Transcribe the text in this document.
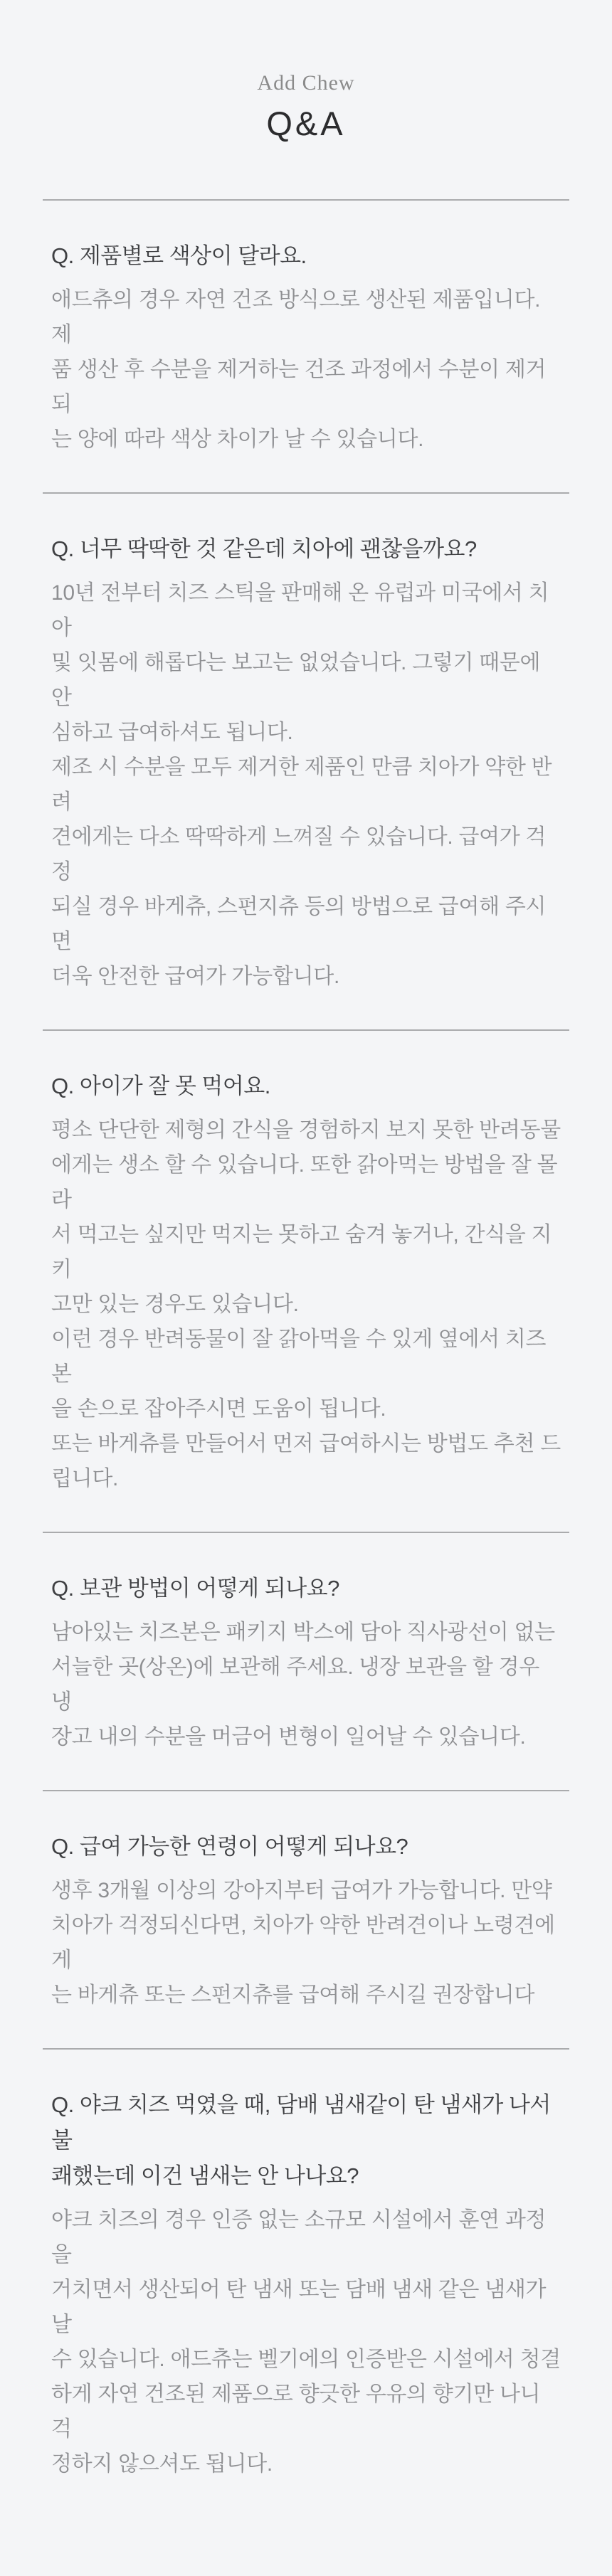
Add Chew
Q&A
Q. 제품별로 색상이 달라요.
애드츄의 경우 자연 건조 방식으로 생산된 제품입니다. 제
품 생산 후 수분을 제거하는 건조 과정에서 수분이 제거되
는 양에 따라 색상 차이가 날 수 있습니다.
Q. 너무 딱딱한 것 같은데 치아에 괜찮을까요?
10년 전부터 치즈 스틱을 판매해 온 유럽과 미국에서 치아
및 잇몸에 해롭다는 보고는 없었습니다. 그렇기 때문에 안
심하고 급여하셔도 됩니다.
제조 시 수분을 모두 제거한 제품인 만큼 치아가 약한 반려
견에게는 다소 딱딱하게 느껴질 수 있습니다. 급여가 걱정
되실 경우 바게츄, 스펀지츄 등의 방법으로 급여해 주시면
더욱 안전한 급여가 가능합니다.
Q. 아이가 잘 못 먹어요.
평소 단단한 제형의 간식을 경험하지 보지 못한 반려동물
에게는 생소 할 수 있습니다. 또한 갉아먹는 방법을 잘 몰라
서 먹고는 싶지만 먹지는 못하고 숨겨 놓거나, 간식을 지키
고만 있는 경우도 있습니다.
이런 경우 반려동물이 잘 갉아먹을 수 있게 옆에서 치즈본
을 손으로 잡아주시면 도움이 됩니다.
또는 바게츄를 만들어서 먼저 급여하시는 방법도 추천 드
립니다.
Q. 보관 방법이 어떻게 되나요?
남아있는 치즈본은 패키지 박스에 담아 직사광선이 없는
서늘한 곳(상온)에 보관해 주세요. 냉장 보관을 할 경우 냉
장고 내의 수분을 머금어 변형이 일어날 수 있습니다.
Q. 급여 가능한 연령이 어떻게 되나요?
생후 3개월 이상의 강아지부터 급여가 가능합니다. 만약
치아가 걱정되신다면, 치아가 약한 반려견이나 노령견에게
는 바게츄 또는 스펀지츄를 급여해 주시길 권장합니다
Q. 야크 치즈 먹였을 때, 담배 냄새같이 탄 냄새가 나서 불
쾌했는데 이건 냄새는 안 나나요?
야크 치즈의 경우 인증 없는 소규모 시설에서 훈연 과정을
거치면서 생산되어 탄 냄새 또는 담배 냄새 같은 냄새가 날
수 있습니다. 애드츄는 벨기에의 인증받은 시설에서 청결
하게 자연 건조된 제품으로 향긋한 우유의 향기만 나니 걱
정하지 않으셔도 됩니다.
